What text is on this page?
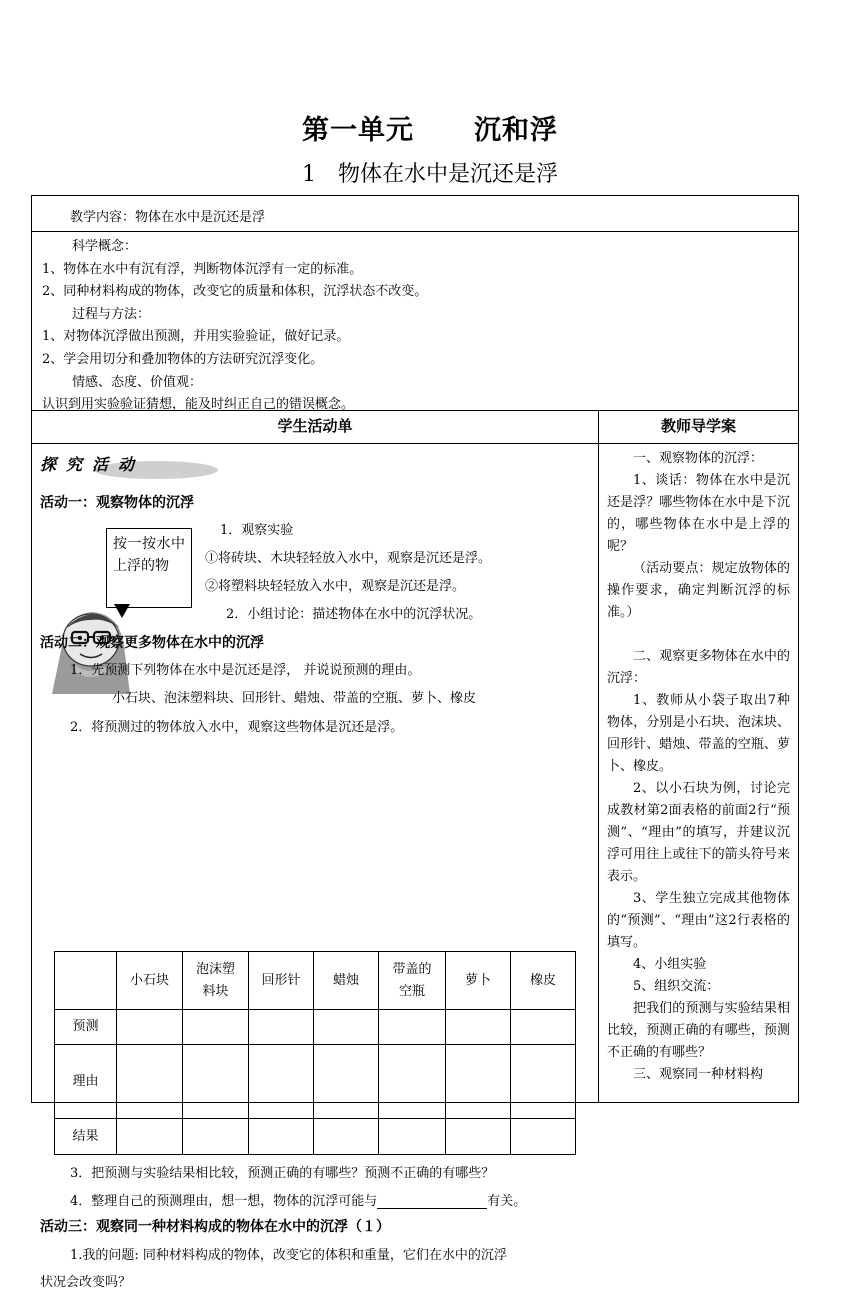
第一单元 沉和浮
1 物体在水中是沉还是浮
教学内容：物体在水中是沉还是浮
科学概念：
1、物体在水中有沉有浮，判断物体沉浮有一定的标准。
2、同种材料构成的物体，改变它的质量和体积，沉浮状态不改变。
过程与方法：
1、对物体沉浮做出预测，并用实验验证，做好记录。
2、学会用切分和叠加物体的方法研究沉浮变化。
情感、态度、价值观：
认识到用实验验证猜想，能及时纠正自己的错误概念。
学生活动单	教师导学案
探究活动
活动一：观察物体的沉浮
1．观察实验
①将砖块、木块轻轻放入水中，观察是沉还是浮。
②将塑料块轻轻放入水中，观察是沉还是浮。
2．小组讨论：描述物体在水中的沉浮状况。
按一按水中上浮的物
活动二：观察更多物体在水中的沉浮
1．先预测下列物体在水中是沉还是浮， 并说说预测的理由。
小石块、泡沫塑料块、回形针、蜡烛、带盖的空瓶、萝卜、橡皮
2．将预测过的物体放入水中，观察这些物体是沉还是浮。
	小石块	泡沫塑料块	回形针	蜡烛	带盖的空瓶	萝卜	橡皮
预测							
理由							
结果							
3．把预测与实验结果相比较，预测正确的有哪些？预测不正确的有哪些？
4．整理自己的预测理由，想一想，物体的沉浮可能与	有关。
活动三：观察同一种材料构成的物体在水中的沉浮（１）
1.我的问题: 同种材料构成的物体，改变它的体积和重量，它们在水中的沉浮
状况会改变吗？

一、观察物体的沉浮：

1、谈话：物体在水中是沉还是浮？哪些物体在水中是下沉的，哪些物体在水中是上浮的呢？

（活动要点：规定放物体的操作要求，确定判断沉浮的标准。）

二、观察更多物体在水中的沉浮：

1、教师从小袋子取出7种物体，分别是小石块、泡沫块、回形针、蜡烛、带盖的空瓶、萝卜、橡皮。

2、以小石块为例，讨论完成教材第2面表格的前面2行“预测”、“理由”的填写，并建议沉浮可用往上或往下的箭头符号来表示。

3、学生独立完成其他物体的“预测”、“理由”这2行表格的填写。

4、小组实验

5、组织交流：

把我们的预测与实验结果相比较，预测正确的有哪些，预测不正确的有哪些？

三、观察同一种材料构
